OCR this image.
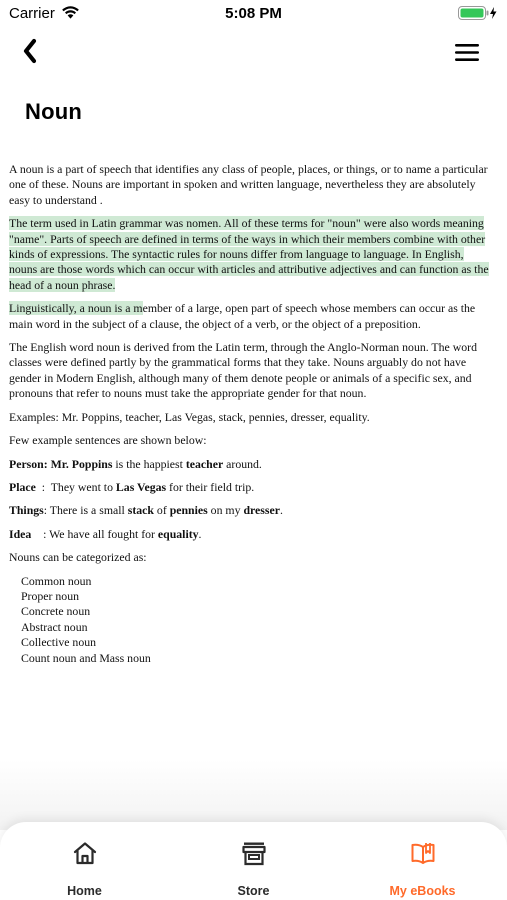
Carrier	5:08 PM
Noun

A noun is a part of speech that identifies any class of people, places, or things, or to name a particular one of these. Nouns are important in spoken and written language, nevertheless they are absolutely easy to understand .

The term used in Latin grammar was nomen. All of these terms for "noun" were also words meaning "name". Parts of speech are defined in terms of the ways in which their members combine with other kinds of expressions. The syntactic rules for nouns differ from language to language. In English, nouns are those words which can occur with articles and attributive adjectives and can function as the head of a noun phrase.

Linguistically, a noun is a member of a large, open part of speech whose members can occur as the main word in the subject of a clause, the object of a verb, or the object of a preposition.

The English word noun is derived from the Latin term, through the Anglo-Norman noun. The word classes were defined partly by the grammatical forms that they take. Nouns arguably do not have gender in Modern English, although many of them denote people or animals of a specific sex, and pronouns that refer to nouns must take the appropriate gender for that noun.

Examples: Mr. Poppins, teacher, Las Vegas, stack, pennies, dresser, equality.

Few example sentences are shown below:

Person: Mr. Poppins is the happiest teacher around.

Place  :  They went to Las Vegas for their field trip.

Things: There is a small stack of pennies on my dresser.

Idea    : We have all fought for equality.

Nouns can be categorized as:

Common noun
Proper noun
Concrete noun
Abstract noun
Collective noun
Count noun and Mass noun
Home	Store	My eBooks
